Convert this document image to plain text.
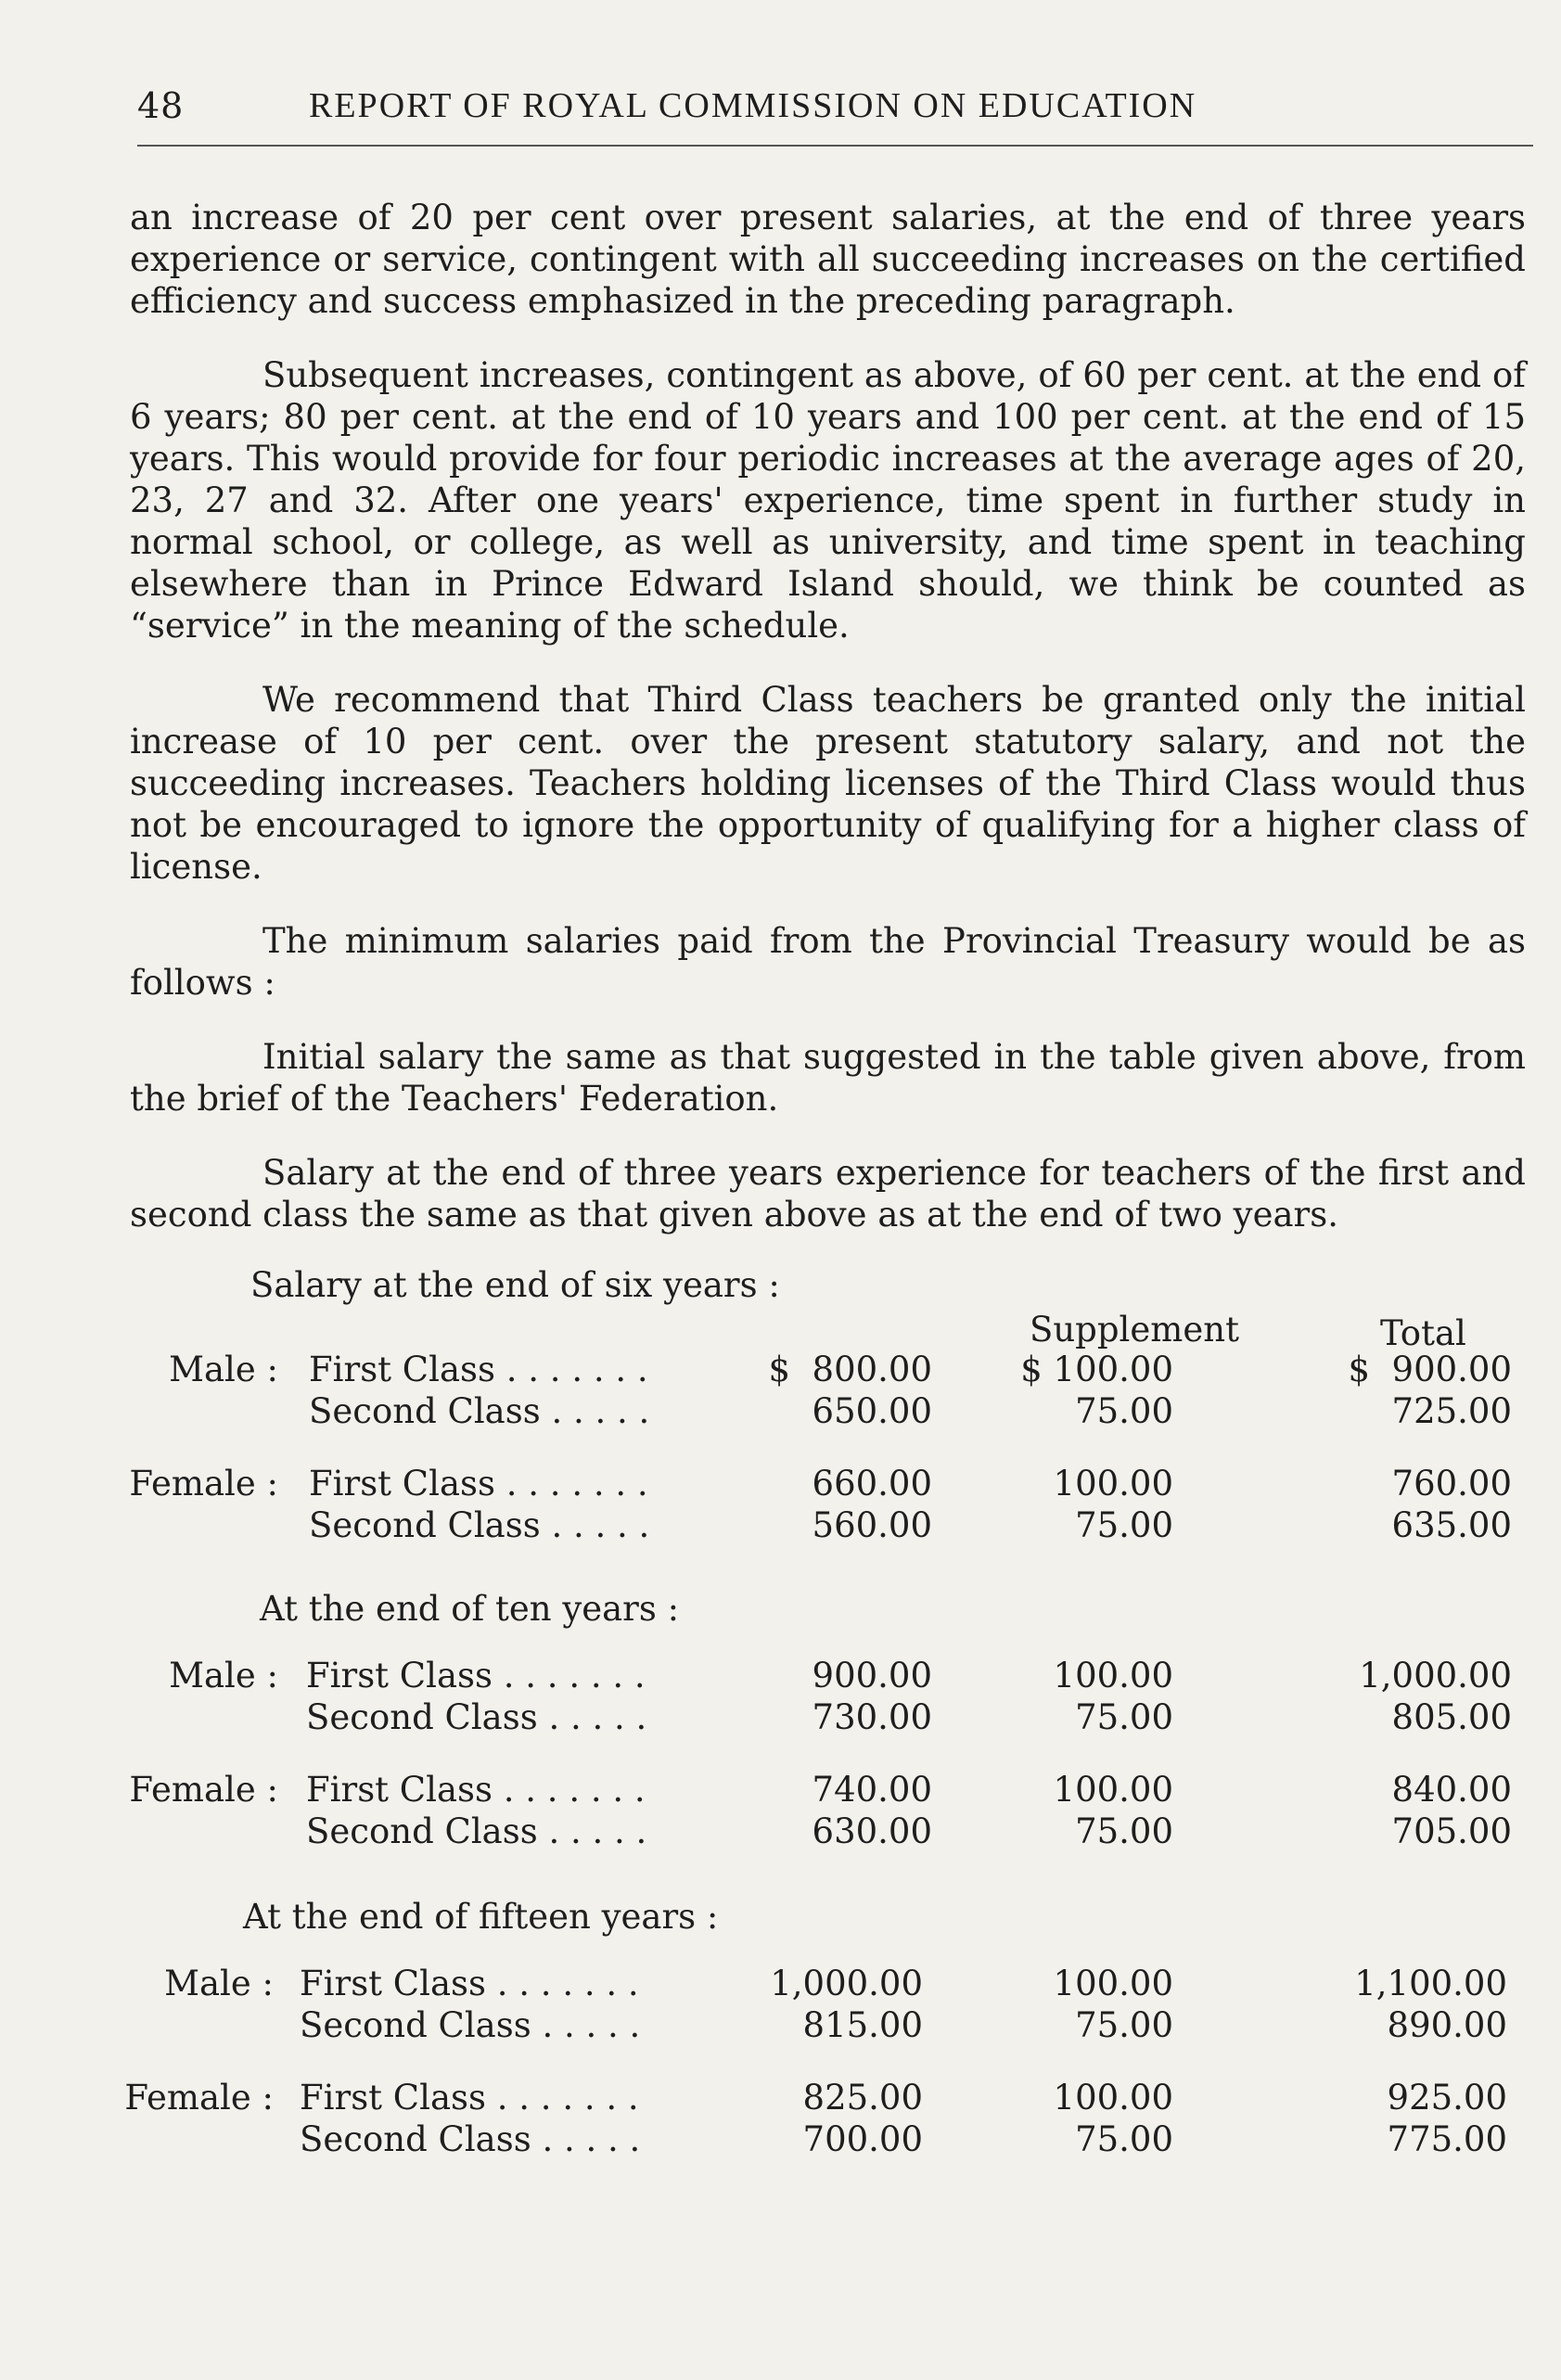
48	REPORT OF ROYAL COMMISSION ON EDUCATION

an increase of 20 per cent over present salaries, at the end of three years experience or service, contingent with all succeeding increases on the certified efficiency and success emphasized in the preceding paragraph.

Subsequent increases, contingent as above, of 60 per cent. at the end of 6 years; 80 per cent. at the end of 10 years and 100 per cent. at the end of 15 years. This would provide for four periodic increases at the average ages of 20, 23, 27 and 32. After one years' experience, time spent in further study in normal school, or college, as well as university, and time spent in teaching elsewhere than in Prince Edward Island should, we think be counted as “service” in the meaning of the schedule.

We recommend that Third Class teachers be granted only the initial increase of 10 per cent. over the present statutory salary, and not the succeeding increases. Teachers holding licenses of the Third Class would thus not be encouraged to ignore the opportunity of qualifying for a higher class of license.

The minimum salaries paid from the Provincial Treasury would be as follows :

Initial salary the same as that suggested in the table given above, from the brief of the Teachers' Federation.

Salary at the end of three years experience for teachers of the first and second class the same as that given above as at the end of two years.

Salary at the end of six years :
Supplement	Total
Male : First Class . . . . . . .	$  800.00	$ 100.00	$  900.00
Second Class . . . . .	650.00	75.00	725.00
Female : First Class . . . . . . .	660.00	100.00	760.00
Second Class . . . . .	560.00	75.00	635.00
At the end of ten years :
Male : First Class . . . . . . .	900.00	100.00	1,000.00
Second Class . . . . .	730.00	75.00	805.00
Female : First Class . . . . . . .	740.00	100.00	840.00
Second Class . . . . .	630.00	75.00	705.00
At the end of fifteen years :
Male : First Class . . . . . . .	1,000.00	100.00	1,100.00
Second Class . . . . .	815.00	75.00	890.00
Female : First Class . . . . . . .	825.00	100.00	925.00
Second Class . . . . .	700.00	75.00	775.00
